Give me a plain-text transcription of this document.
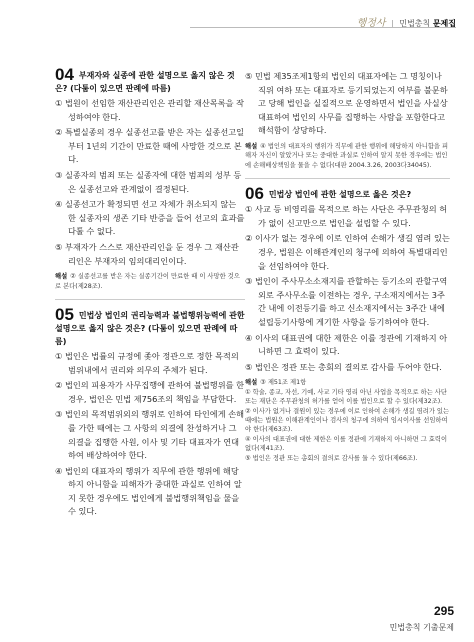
행정사 | 민법총칙 문제집
04 부재자와 실종에 관한 설명으로 옳지 않은 것은? (다툼이 있으면 판례에 따름)
① 법원이 선임한 재산관리인은 관리할 재산목록을 작성하여야 한다.
② 특별실종의 경우 실종선고를 받은 자는 실종선고일부터 1년의 기간이 만료한 때에 사망한 것으로 본다.
③ 실종자의 범죄 또는 실종자에 대한 범죄의 성부 등은 실종선고와 관계없이 결정된다.
④ 실종선고가 확정되면 선고 자체가 취소되지 않는 한 실종자의 생존 기타 반증을 들어 선고의 효과를 다툴 수 없다.
⑤ 부재자가 스스로 재산관리인을 둔 경우 그 재산관리인은 부재자의 임의대리인이다.
해설 ② 실종선고를 받은 자는 실종기간이 만료한 때 이 사망한 것으로 본다(제28조).
05 민법상 법인의 권리능력과 불법행위능력에 관한 설명으로 옳지 않은 것은? (다툼이 있으면 판례에 따름)
① 법인은 법률의 규정에 좇아 정관으로 정한 목적의 범위내에서 권리와 의무의 주체가 된다.
② 법인의 피용자가 사무집행에 관하여 불법행위를 한 경우, 법인은 민법 제756조의 책임을 부담한다.
③ 법인의 목적범위외의 행위로 인하여 타인에게 손해를 가한 때에는 그 사항의 의결에 찬성하거나 그 의결을 집행한 사원, 이사 및 기타 대표자가 연대하여 배상하여야 한다.
④ 법인의 대표자의 행위가 직무에 관한 행위에 해당하지 아니함을 피해자가 중대한 과실로 인하여 알지 못한 경우에도 법인에게 불법행위책임을 물을 수 있다.
⑤ 민법 제35조제1항의 법인의 대표자에는 그 명칭이나 직위 여하 또는 대표자로 등기되었는지 여부를 불문하고 당해 법인을 실질적으로 운영하면서 법인을 사실상 대표하여 법인의 사무를 집행하는 사람을 포함한다고 해석함이 상당하다.
해설 ④ 법인의 대표자의 행위가 직무에 관한 행위에 해당하지 아니함을 피해자 자신이 알았거나 또는 중대한 과실로 인하여 알지 못한 경우에는 법인에 손해배상책임을 물을 수 없다(대판 2004.3.26, 2003다34045).
06 민법상 법인에 관한 설명으로 옳은 것은?
① 사교 등 비영리를 목적으로 하는 사단은 주무관청의 허가 없이 신고만으로 법인을 설립할 수 있다.
② 이사가 없는 경우에 이로 인하여 손해가 생길 염려 있는 경우, 법원은 이해관계인의 청구에 의하여 특별대리인을 선임하여야 한다.
③ 법인이 주사무소소재지를 관할하는 등기소의 관할구역 외로 주사무소를 이전하는 경우, 구소재지에서는 3주간 내에 이전등기를 하고 신소재지에서는 3주간 내에 설립등기사항에 게기한 사항을 등기하여야 한다.
④ 이사의 대표권에 대한 제한은 이를 정관에 기재하지 아니하면 그 효력이 있다.
⑤ 법인은 정관 또는 총회의 결의로 감사를 두어야 한다.
해설 ③ 제51조 제1항
① 학술, 종교, 자선, 기예, 사교 기타 영리 아닌 사업을 목적으로 하는 사단 또는 재단은 주무관청의 허가를 얻어 이를 법인으로 할 수 있다(제32조).
② 이사가 없거나 결원이 있는 경우에 이로 인하여 손해가 생길 염려가 있는 때에는 법원은 이해관계인이나 검사의 청구에 의하여 임시이사를 선임하여야 한다(제63조).
④ 이사의 대표권에 대한 제한은 이를 정관에 기재하지 아니하면 그 효력이 없다(제41조).
⑤ 법인은 정관 또는 총회의 결의로 감사를 둘 수 있다(제66조).
295
민법총칙 기출문제
